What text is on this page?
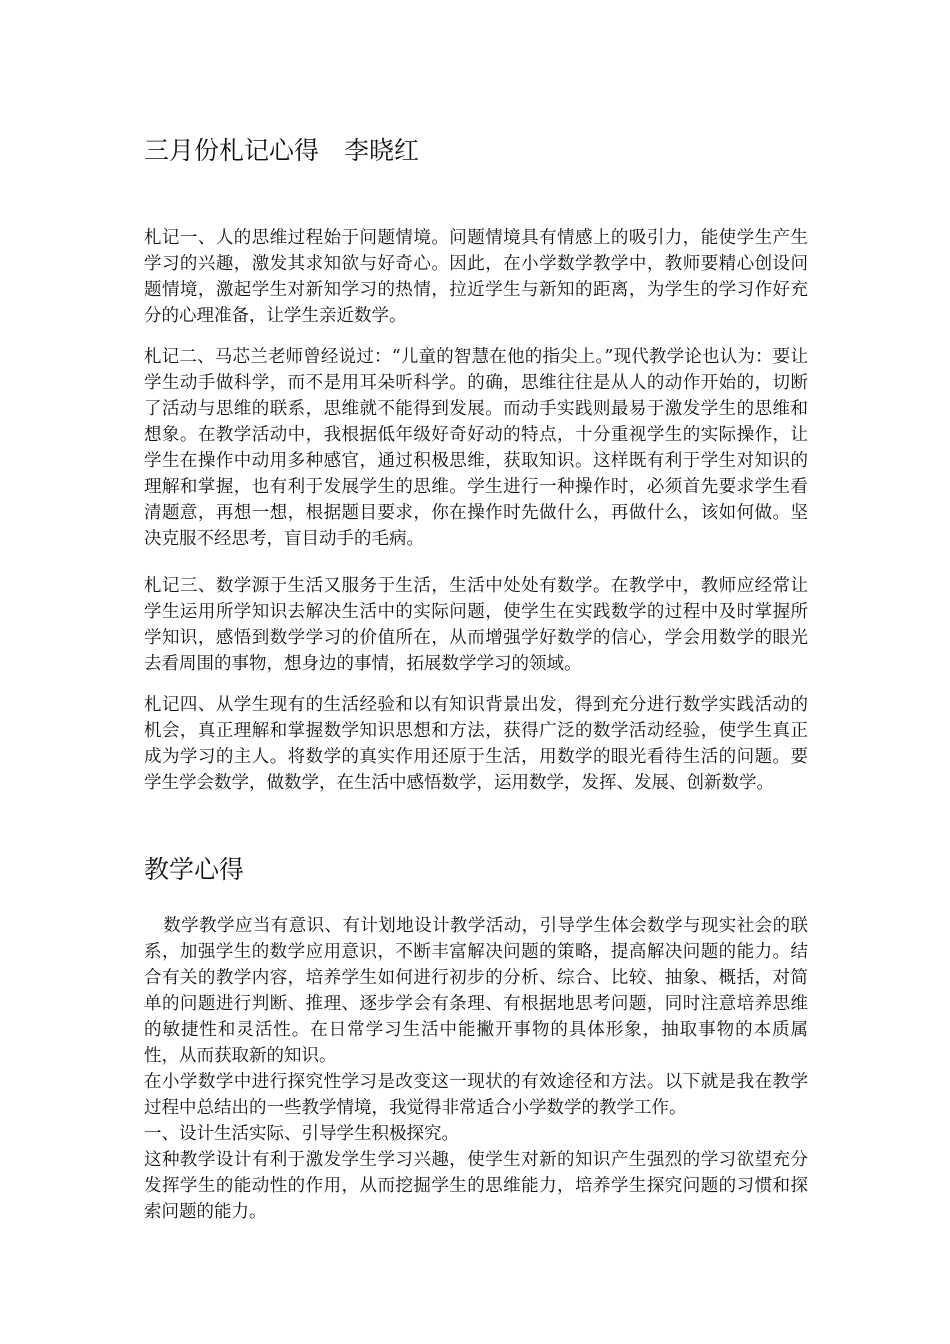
三月份札记心得　李晓红

札记一、人的思维过程始于问题情境。问题情境具有情感上的吸引力，能使学生产生学习的兴趣，激发其求知欲与好奇心。因此，在小学数学教学中，教师要精心创设问题情境，激起学生对新知学习的热情，拉近学生与新知的距离，为学生的学习作好充分的心理准备，让学生亲近数学。

札记二、马芯兰老师曾经说过：“儿童的智慧在他的指尖上。”现代教学论也认为：要让学生动手做科学，而不是用耳朵听科学。的确，思维往往是从人的动作开始的，切断了活动与思维的联系，思维就不能得到发展。而动手实践则最易于激发学生的思维和想象。在教学活动中，我根据低年级好奇好动的特点，十分重视学生的实际操作，让学生在操作中动用多种感官，通过积极思维，获取知识。这样既有利于学生对知识的理解和掌握，也有利于发展学生的思维。学生进行一种操作时，必须首先要求学生看清题意，再想一想，根据题目要求，你在操作时先做什么，再做什么，该如何做。坚决克服不经思考，盲目动手的毛病。

札记三、数学源于生活又服务于生活，生活中处处有数学。在教学中，教师应经常让学生运用所学知识去解决生活中的实际问题，使学生在实践数学的过程中及时掌握所学知识，感悟到数学学习的价值所在，从而增强学好数学的信心，学会用数学的眼光去看周围的事物，想身边的事情，拓展数学学习的领域。

札记四、从学生现有的生活经验和以有知识背景出发，得到充分进行数学实践活动的机会，真正理解和掌握数学知识思想和方法，获得广泛的数学活动经验，使学生真正成为学习的主人。将数学的真实作用还原于生活，用数学的眼光看待生活的问题。要学生学会数学，做数学，在生活中感悟数学，运用数学，发挥、发展、创新数学。

教学心得

数学教学应当有意识、有计划地设计教学活动，引导学生体会数学与现实社会的联系，加强学生的数学应用意识，不断丰富解决问题的策略，提高解决问题的能力。结合有关的教学内容，培养学生如何进行初步的分析、综合、比较、抽象、概括，对简单的问题进行判断、推理、逐步学会有条理、有根据地思考问题，同时注意培养思维的敏捷性和灵活性。在日常学习生活中能撇开事物的具体形象，抽取事物的本质属性，从而获取新的知识。

在小学数学中进行探究性学习是改变这一现状的有效途径和方法。以下就是我在教学过程中总结出的一些教学情境，我觉得非常适合小学数学的教学工作。

一、设计生活实际、引导学生积极探究。

这种教学设计有利于激发学生学习兴趣，使学生对新的知识产生强烈的学习欲望充分发挥学生的能动性的作用，从而挖掘学生的思维能力，培养学生探究问题的习惯和探索问题的能力。
